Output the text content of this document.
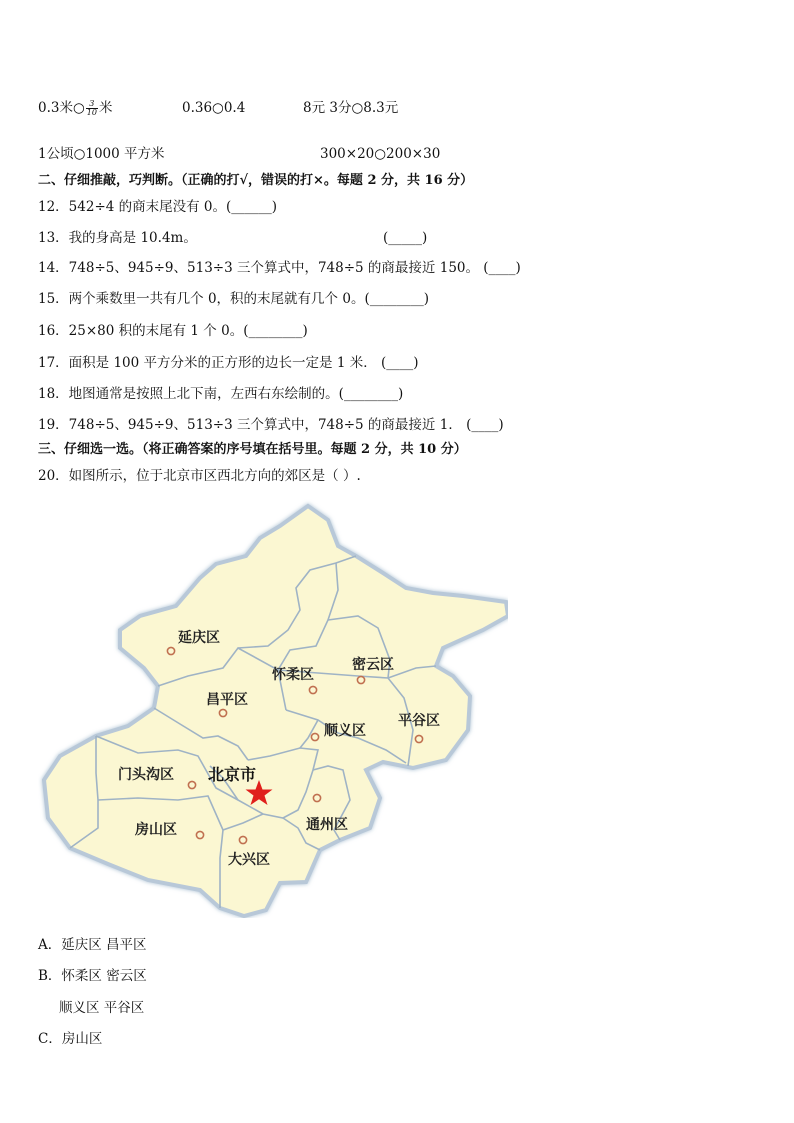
0.3米○ $\frac{3}{10}$ 米	0.36○0.4	8元 3分○8.3元
1公顷○1000 平方米	300×20○200×30
二、仔细推敲，巧判断。（正确的打√，错误的打×。每题 2 分，共 16 分）
12．542÷4 的商末尾没有 0。(______)
13．我的身高是 10.4m。	(_____)
14．748÷5、945÷9、513÷3 三个算式中，748÷5 的商最接近 150。 (____)
15．两个乘数里一共有几个 0，积的末尾就有几个 0。(________)
16．25×80 积的末尾有 1 个 0。(________)
17．面积是 100 平方分米的正方形的边长一定是 1 米． (____)
18．地图通常是按照上北下南，左西右东绘制的。(________)
19．748÷5、945÷9、513÷3 三个算式中，748÷5 的商最接近 1． (____)
三、仔细选一选。（将正确答案的序号填在括号里。每题 2 分，共 10 分）
20．如图所示，位于北京市区西北方向的郊区是（ ）.
延庆区
怀柔区
密云区
昌平区
顺义区
平谷区
门头沟区 北京市
通州区
房山区
大兴区
A．延庆区 昌平区
B．怀柔区 密云区
顺义区 平谷区
C．房山区
